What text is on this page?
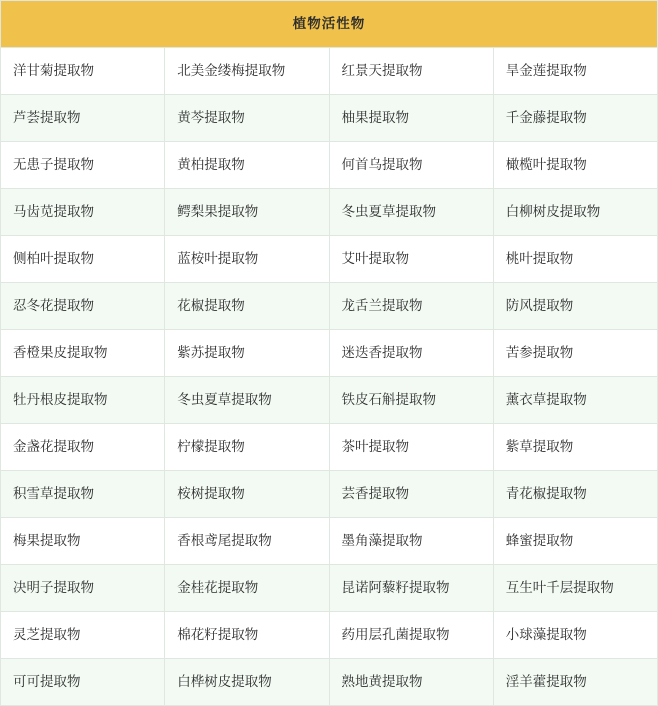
植物活性物			
洋甘菊提取物	北美金缕梅提取物	红景天提取物	旱金莲提取物
芦荟提取物	黄芩提取物	柚果提取物	千金藤提取物
无患子提取物	黄柏提取物	何首乌提取物	橄榄叶提取物
马齿苋提取物	鳄梨果提取物	冬虫夏草提取物	白柳树皮提取物
侧柏叶提取物	蓝桉叶提取物	艾叶提取物	桃叶提取物
忍冬花提取物	花椒提取物	龙舌兰提取物	防风提取物
香橙果皮提取物	紫苏提取物	迷迭香提取物	苦参提取物
牡丹根皮提取物	冬虫夏草提取物	铁皮石斛提取物	薰衣草提取物
金盏花提取物	柠檬提取物	茶叶提取物	紫草提取物
积雪草提取物	桉树提取物	芸香提取物	青花椒提取物
梅果提取物	香根鸢尾提取物	墨角藻提取物	蜂蜜提取物
决明子提取物	金桂花提取物	昆诺阿藜籽提取物	互生叶千层提取物
灵芝提取物	棉花籽提取物	药用层孔菌提取物	小球藻提取物
可可提取物	白桦树皮提取物	熟地黄提取物	淫羊藿提取物
